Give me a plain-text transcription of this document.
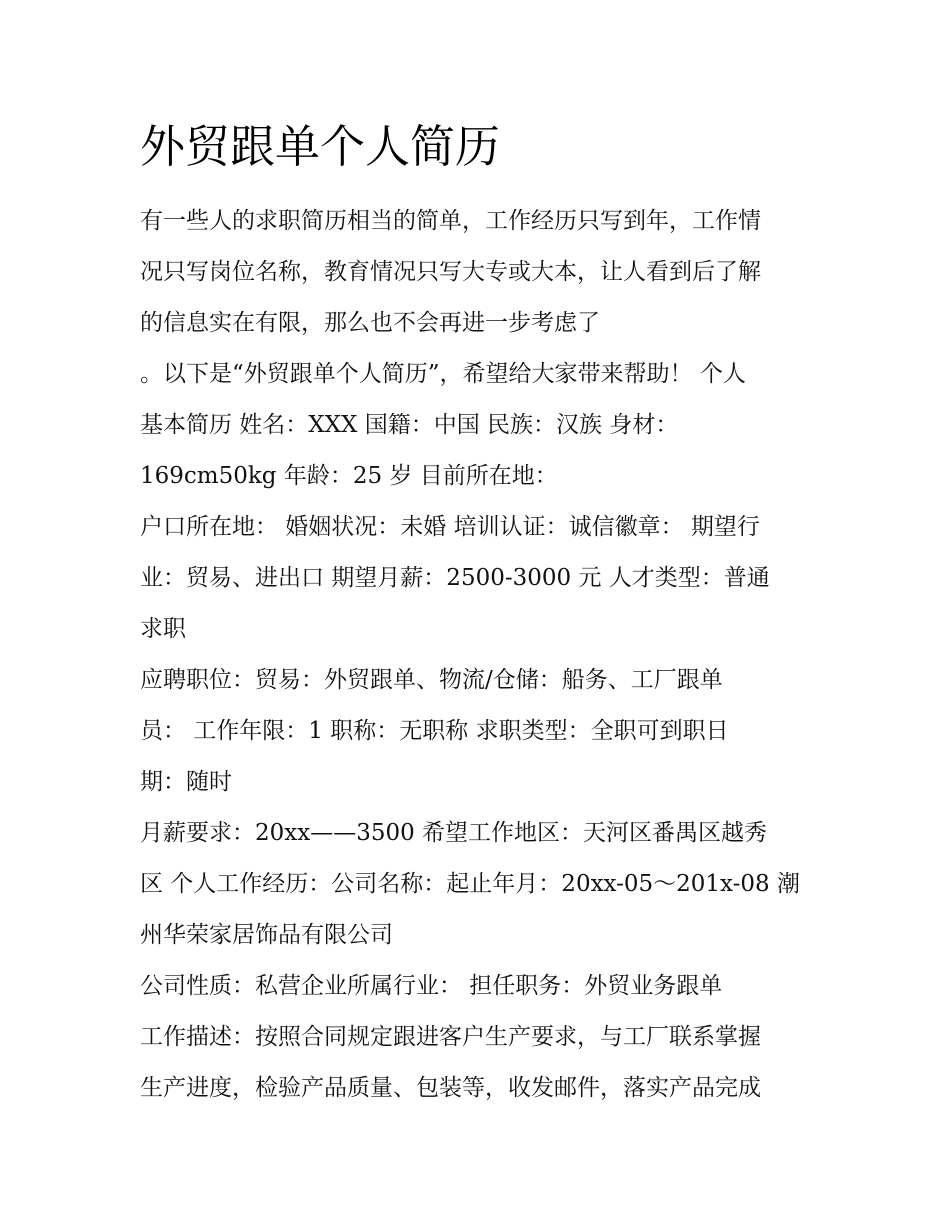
外贸跟单个人简历
有一些人的求职简历相当的简单，工作经历只写到年，工作情
况只写岗位名称，教育情况只写大专或大本，让人看到后了解
的信息实在有限，那么也不会再进一步考虑了
。以下是“外贸跟单个人简历”，希望给大家带来帮助！ 个人
基本简历 姓名：XXX 国籍：中国 民族：汉族 身材：
169cm50kg 年龄：25 岁 目前所在地：
户口所在地： 婚姻状况：未婚 培训认证：诚信徽章： 期望行
业：贸易、进出口 期望月薪：2500-3000 元 人才类型：普通
求职
应聘职位：贸易：外贸跟单、物流/仓储：船务、工厂跟单
员： 工作年限：1 职称：无职称 求职类型：全职可到职日
期：随时
月薪要求：20xx——3500 希望工作地区：天河区番禺区越秀
区 个人工作经历：公司名称：起止年月：20xx-05～201x-08 潮
州华荣家居饰品有限公司
公司性质：私营企业所属行业： 担任职务：外贸业务跟单
工作描述：按照合同规定跟进客户生产要求，与工厂联系掌握
生产进度，检验产品质量、包装等，收发邮件，落实产品完成
